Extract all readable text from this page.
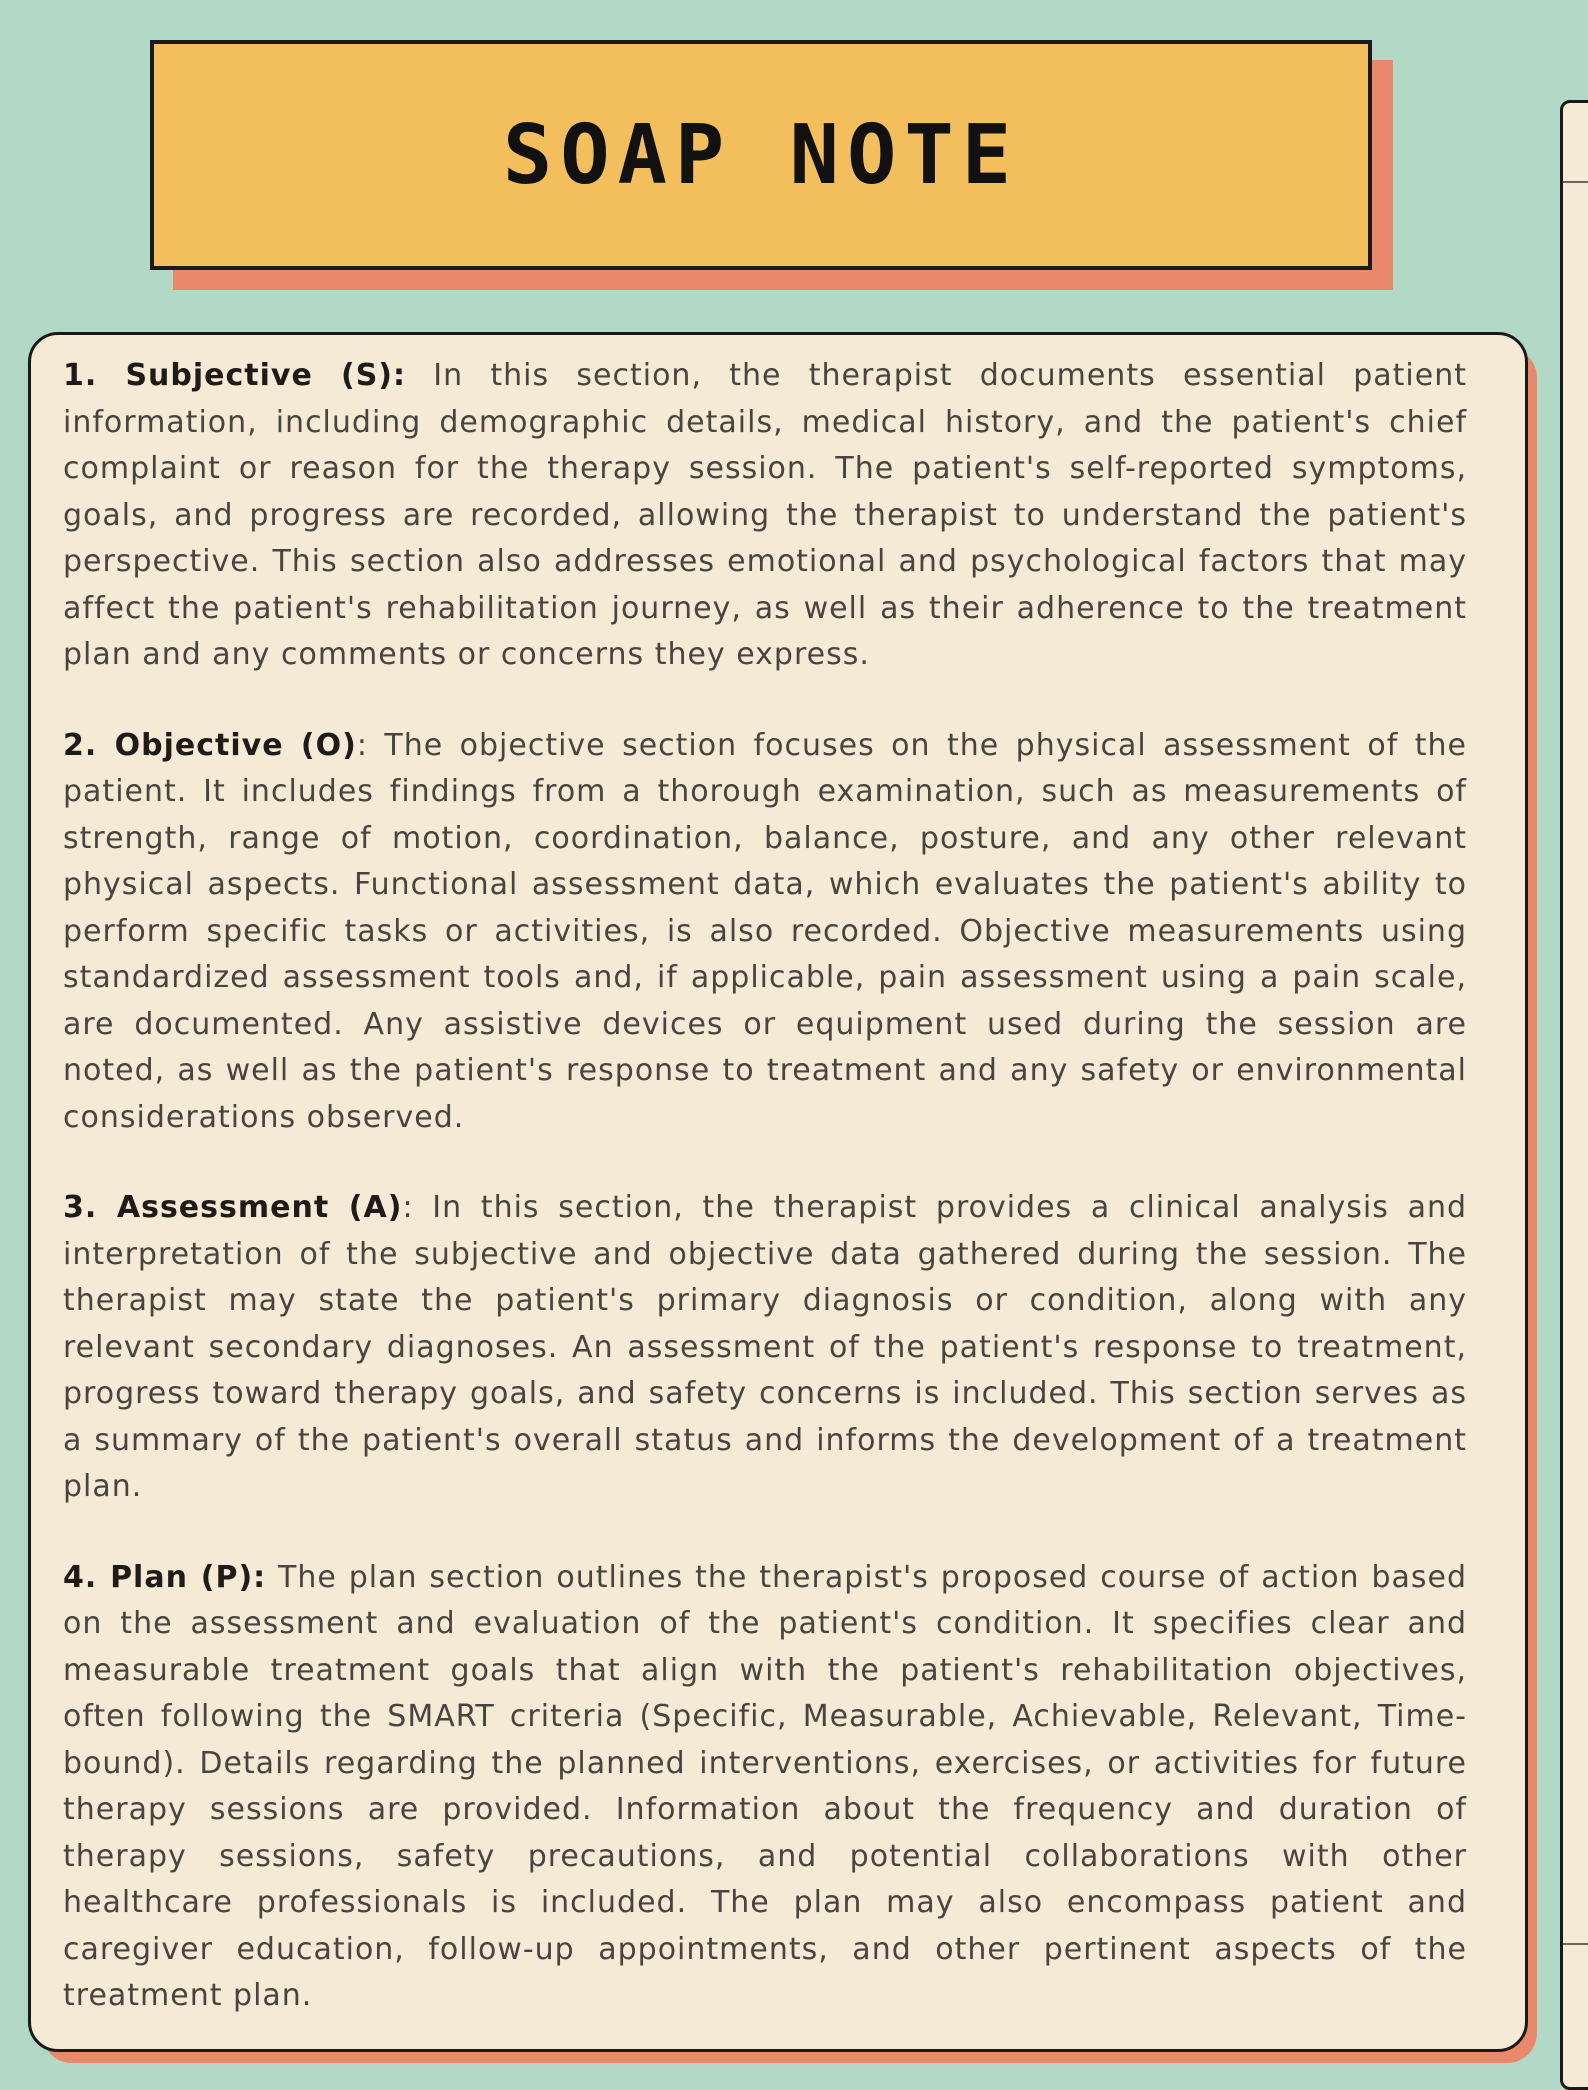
SOAP NOTE

1. Subjective (S): In this section, the therapist documents essential patient information, including demographic details, medical history, and the patient's chief complaint or reason for the therapy session. The patient's self-reported symptoms, goals, and progress are recorded, allowing the therapist to understand the patient's perspective. This section also addresses emotional and psychological factors that may affect the patient's rehabilitation journey, as well as their adherence to the treatment plan and any comments or concerns they express.

2. Objective (O): The objective section focuses on the physical assessment of the patient. It includes findings from a thorough examination, such as measurements of strength, range of motion, coordination, balance, posture, and any other relevant physical aspects. Functional assessment data, which evaluates the patient's ability to perform specific tasks or activities, is also recorded. Objective measurements using standardized assessment tools and, if applicable, pain assessment using a pain scale, are documented. Any assistive devices or equipment used during the session are noted, as well as the patient's response to treatment and any safety or environmental considerations observed.

3. Assessment (A): In this section, the therapist provides a clinical analysis and interpretation of the subjective and objective data gathered during the session. The therapist may state the patient's primary diagnosis or condition, along with any relevant secondary diagnoses. An assessment of the patient's response to treatment, progress toward therapy goals, and safety concerns is included. This section serves as a summary of the patient's overall status and informs the development of a treatment plan.

4. Plan (P): The plan section outlines the therapist's proposed course of action based on the assessment and evaluation of the patient's condition. It specifies clear and measurable treatment goals that align with the patient's rehabilitation objectives, often following the SMART criteria (Specific, Measurable, Achievable, Relevant, Time-bound). Details regarding the planned interventions, exercises, or activities for future therapy sessions are provided. Information about the frequency and duration of therapy sessions, safety precautions, and potential collaborations with other healthcare professionals is included. The plan may also encompass patient and caregiver education, follow-up appointments, and other pertinent aspects of the treatment plan.
